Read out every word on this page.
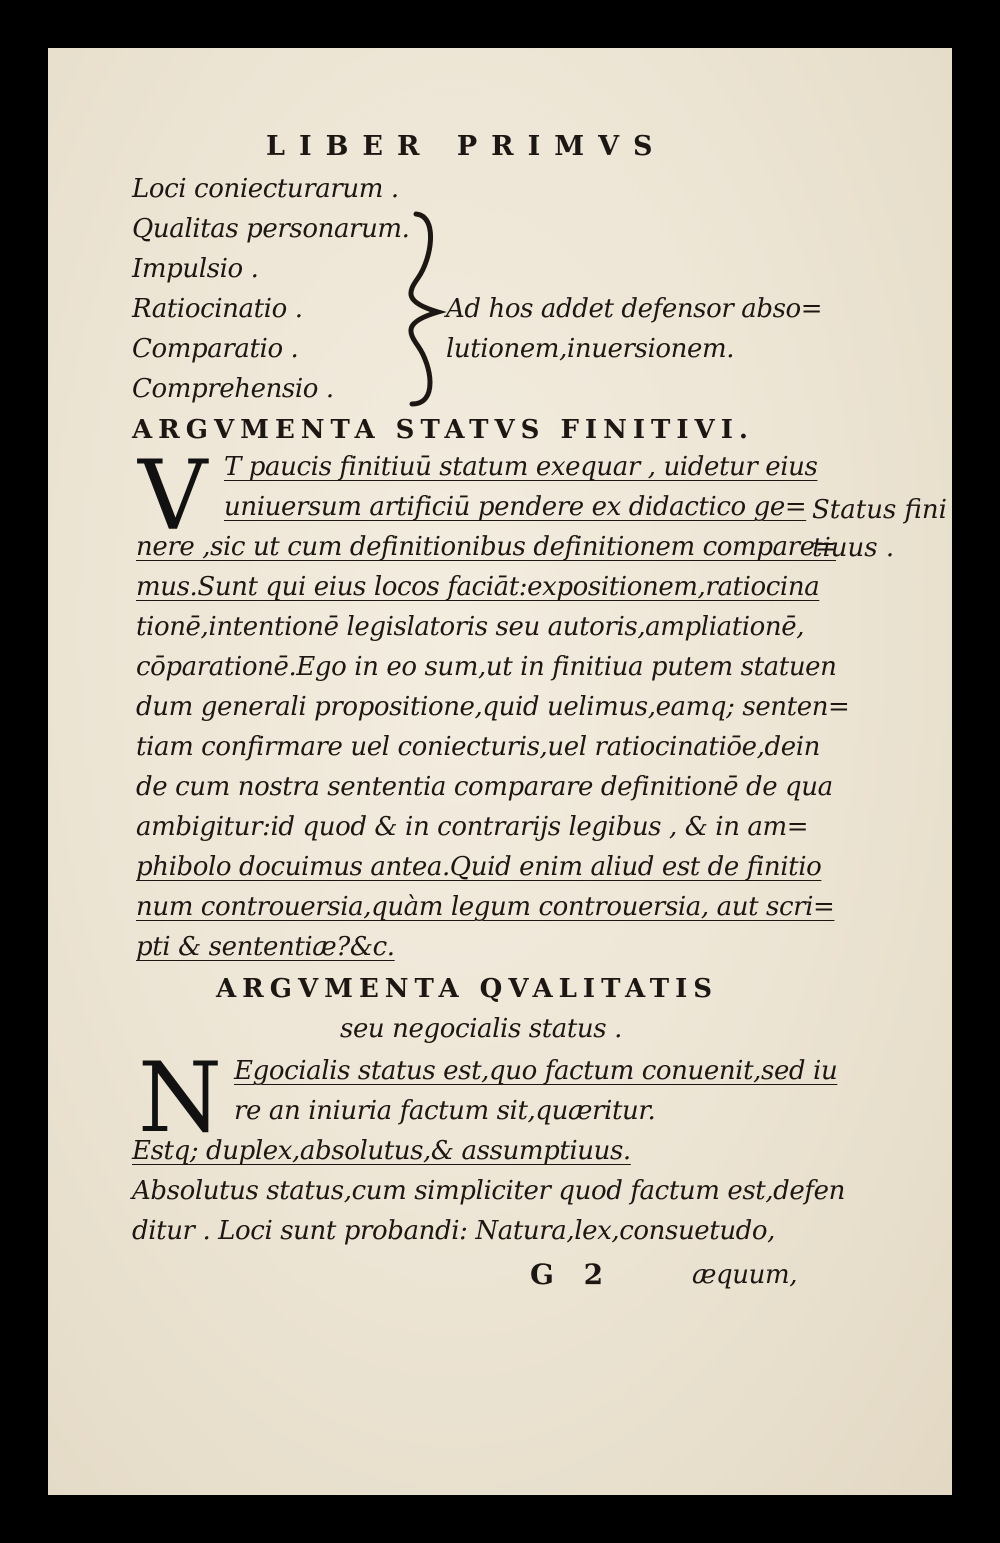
LIBER PRIMVS
Loci coniecturarum .
Qualitas personarum.
Impulsio .
Ratiocinatio .
Comparatio .
Comprehensio .
Ad hos addet defensor abso=
lutionem,inuersionem.
ARGVMENTA STATVS FINITIVI.
V T paucis finitiuū statum exequar , uidetur eius
uniuersum artificiū pendere ex didactico ge=
nere ,sic ut cum definitionibus definitionem compare=
mus.Sunt qui eius locos faciāt:expositionem,ratiocina
tionē,intentionē legislatoris seu autoris,ampliationē,
cōparationē.Ego in eo sum,ut in finitiua putem statuen
dum generali propositione,quid uelimus,eamq; senten=
tiam confirmare uel coniecturis,uel ratiocinatiōe,dein
de cum nostra sententia comparare definitionē de qua
ambigitur:id quod & in contrarijs legibus , & in am=
phibolo docuimus antea.Quid enim aliud est de finitio
num controuersia,quàm legum controuersia, aut scri=
pti & sententiæ?&c.
Status fini
tiuus .
ARGVMENTA QVALITATIS
seu negocialis status .
N Egocialis status est,quo factum conuenit,sed iu
re an iniuria factum sit,quæritur.
Estq; duplex,absolutus,& assumptiuus.
Absolutus status,cum simpliciter quod factum est,defen
ditur . Loci sunt probandi: Natura,lex,consuetudo,
G 2	æquum,
